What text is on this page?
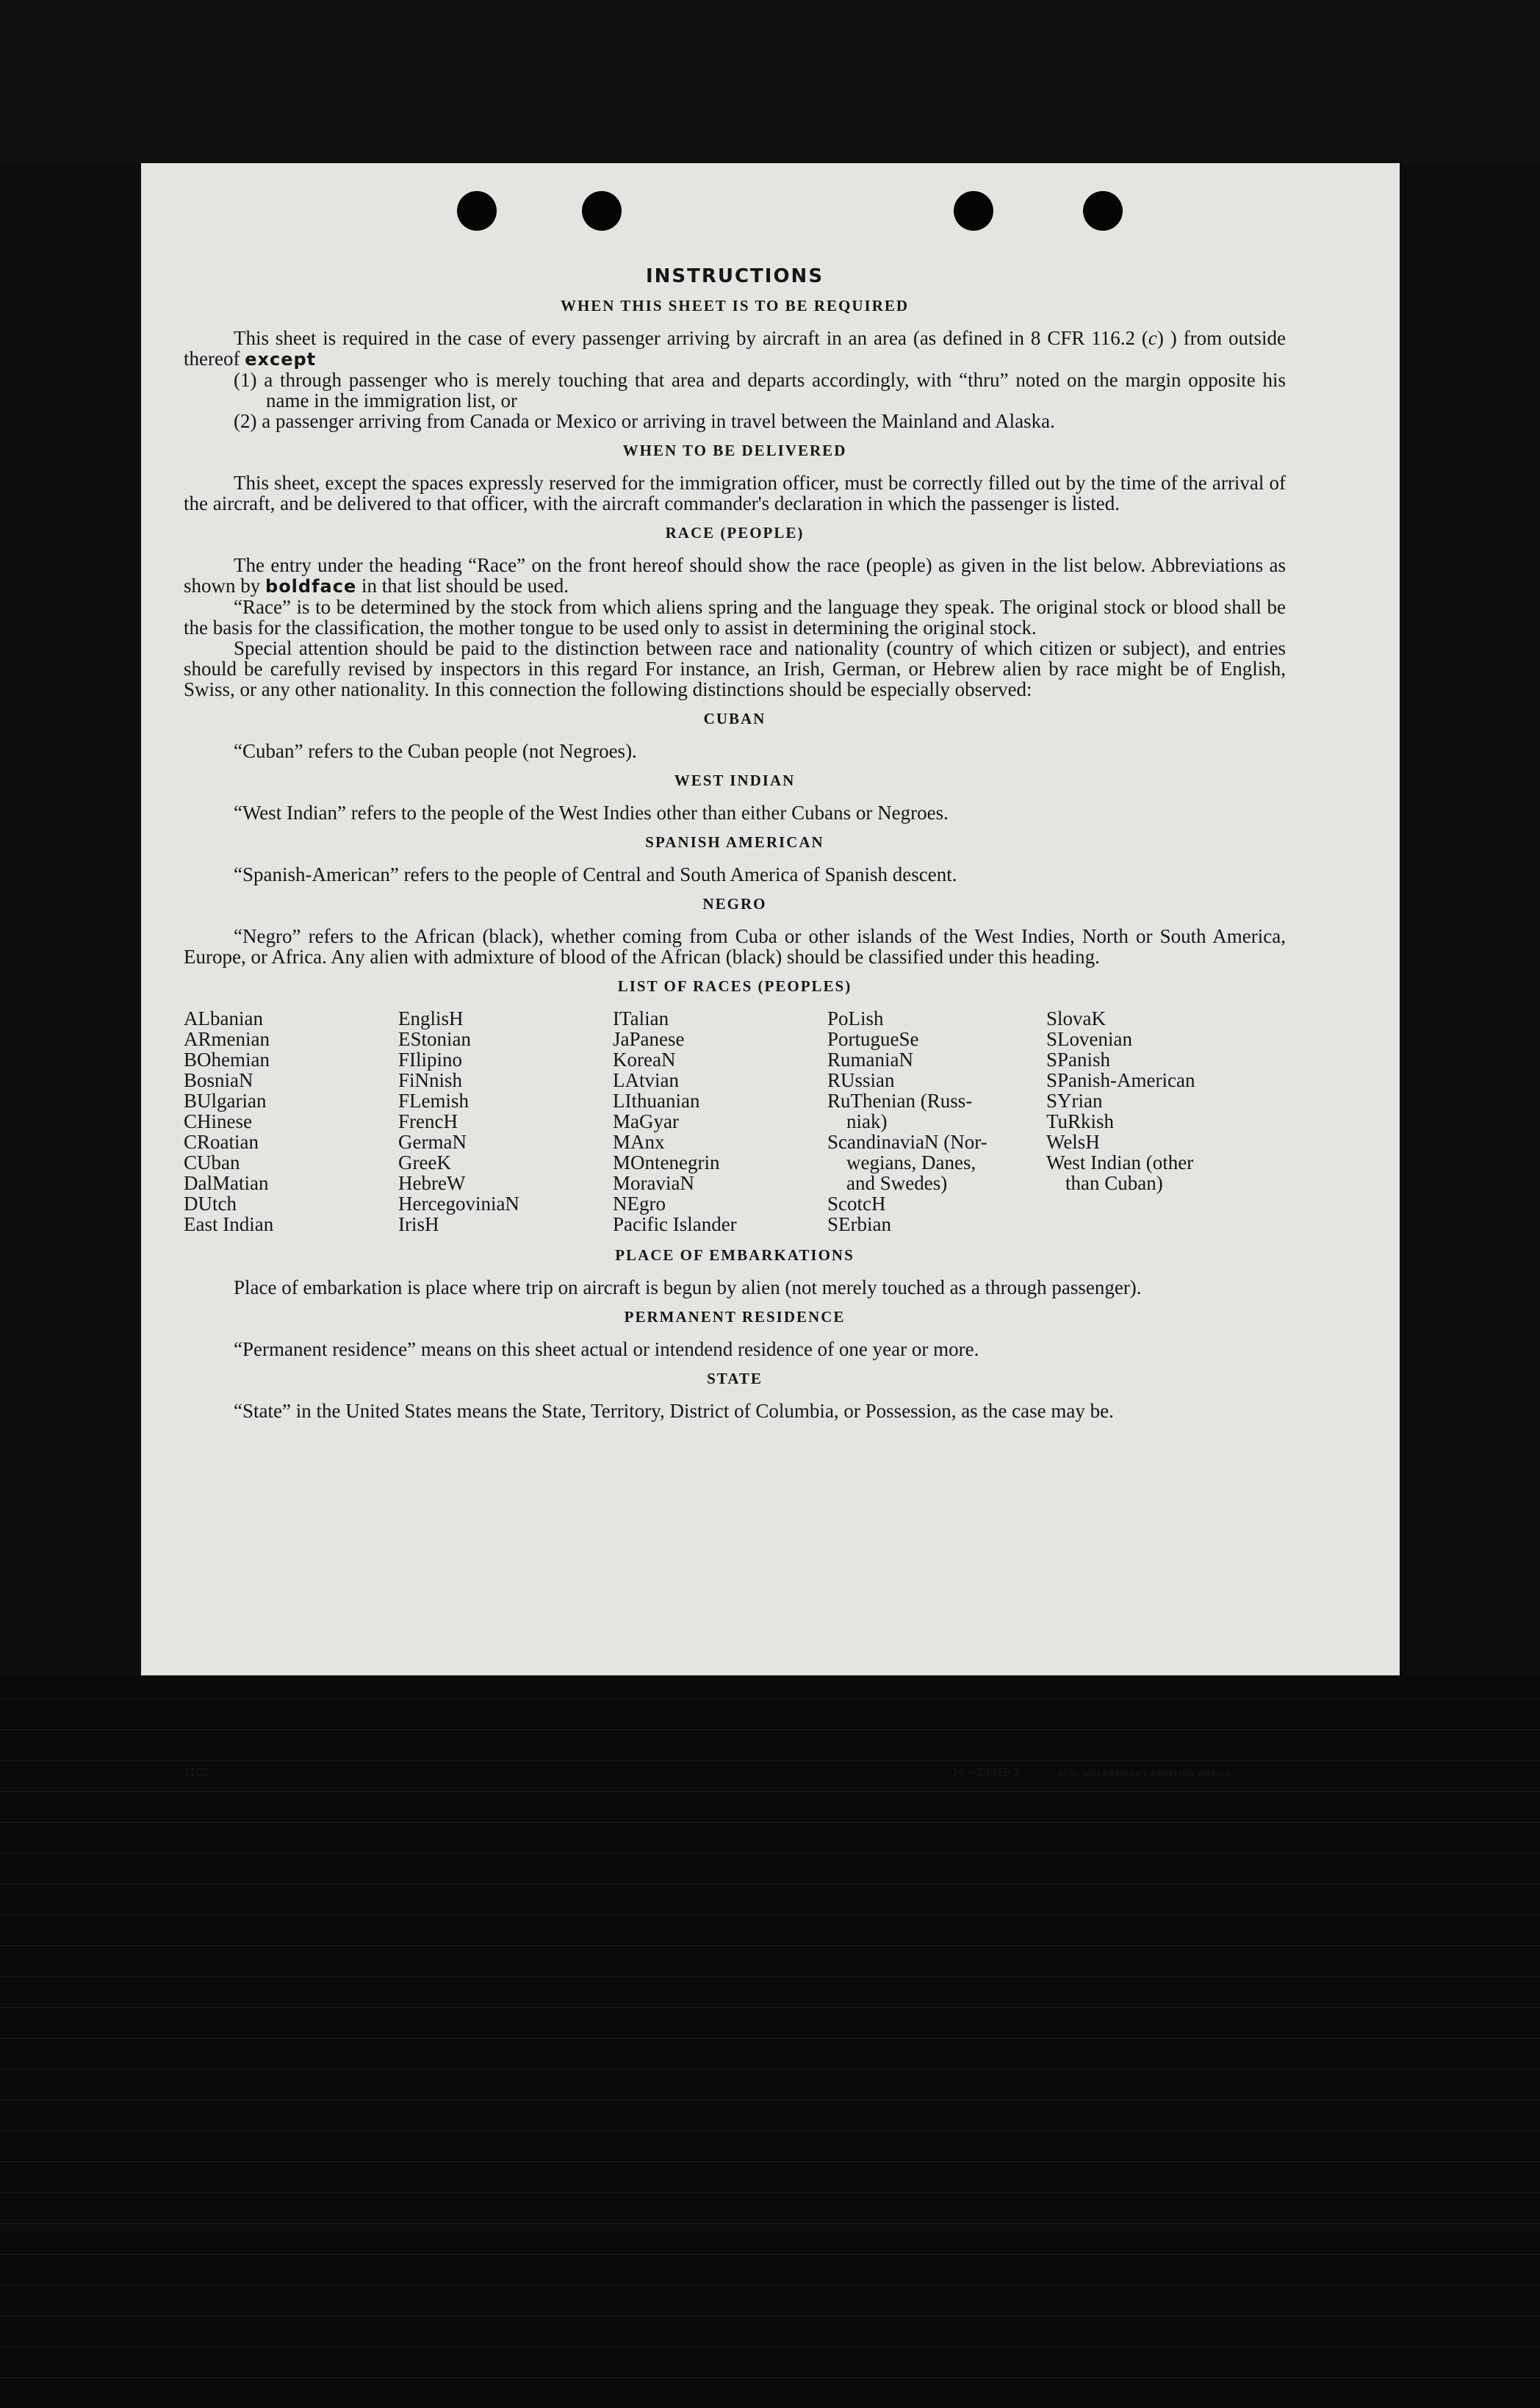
INSTRUCTIONS
WHEN THIS SHEET IS TO BE REQUIRED

This sheet is required in the case of every passenger arriving by aircraft in an area (as defined in 8 CFR 116.2 (c) ) from outside thereof except

(1) a through passenger who is merely touching that area and departs accordingly, with “thru” noted on the margin opposite his name in the immigration list, or
(2) a passenger arriving from Canada or Mexico or arriving in travel between the Mainland and Alaska.
WHEN TO BE DELIVERED

This sheet, except the spaces expressly reserved for the immigration officer, must be correctly filled out by the time of the arrival of the aircraft, and be delivered to that officer, with the aircraft commander's declaration in which the passenger is listed.

RACE (PEOPLE)

The entry under the heading “Race” on the front hereof should show the race (people) as given in the list below. Abbreviations as shown by boldface in that list should be used.

“Race” is to be determined by the stock from which aliens spring and the language they speak. The original stock or blood shall be the basis for the classification, the mother tongue to be used only to assist in determining the original stock.

Special attention should be paid to the distinction between race and nationality (country of which citizen or subject), and entries should be carefully revised by inspectors in this regard For instance, an Irish, German, or Hebrew alien by race might be of English, Swiss, or any other nationality. In this connection the following distinctions should be especially observed:

CUBAN

“Cuban” refers to the Cuban people (not Negroes).

WEST INDIAN

“West Indian” refers to the people of the West Indies other than either Cubans or Negroes.

SPANISH AMERICAN

“Spanish-American” refers to the people of Central and South America of Spanish descent.

NEGRO

“Negro” refers to the African (black), whether coming from Cuba or other islands of the West Indies, North or South America, Europe, or Africa. Any alien with admixture of blood of the African (black) should be classified under this heading.

LIST OF RACES (PEOPLES)
ALbanian
ARmenian
BOhemian
BosniaN
BUlgarian
CHinese
CRoatian
CUban
DalMatian
DUtch
East Indian
EnglisH
EStonian
FIlipino
FiNnish
FLemish
FrencH
GermaN
GreeK
HebreW
HercegoviniaN
IrisH
ITalian
JaPanese
KoreaN
LAtvian
LIthuanian
MaGyar
MAnx
MOntenegrin
MoraviaN
NEgro
Pacific Islander
PoLish
PortugueSe
RumaniaN
RUssian
RuThenian (Russ-
niak)
ScandinaviaN (Nor-
wegians, Danes,
and Swedes)
ScotcH
SErbian
SlovaK
SLovenian
SPanish
SPanish-American
SYrian
TuRkish
WelsH
West Indian (other
than Cuban)
PLACE OF EMBARKATIONS

Place of embarkation is place where trip on aircraft is begun by alien (not merely touched as a through passenger).

PERMANENT RESIDENCE

“Permanent residence” means on this sheet actual or intendend residence of one year or more.

STATE

“State” in the United States means the State, Territory, District of Columbia, or Possession, as the case may be.

1102	16—24915-1	U. S. GOVERNMENT PRINTING OFFICE
